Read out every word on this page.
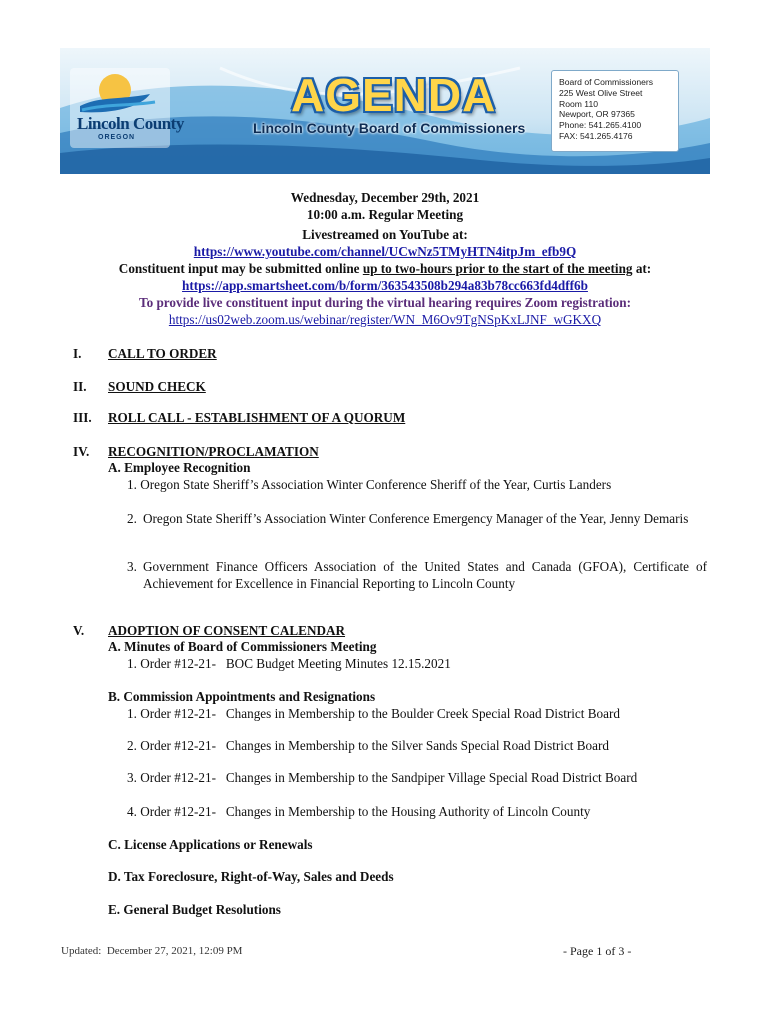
Lincoln County
OREGON
AGENDA
Lincoln County Board of Commissioners
Board of Commissioners
225 West Olive Street
Room 110
Newport, OR 97365
Phone: 541.265.4100
FAX: 541.265.4176
Wednesday, December 29th, 2021
10:00 a.m. Regular Meeting
Livestreamed on YouTube at:
https://www.youtube.com/channel/UCwNz5TMyHTN4itpJm_efb9Q
Constituent input may be submitted online up to two-hours prior to the start of the meeting at:
https://app.smartsheet.com/b/form/363543508b294a83b78cc663fd4dff6b
To provide live constituent input during the virtual hearing requires Zoom registration:
https://us02web.zoom.us/webinar/register/WN_M6Ov9TgNSpKxLJNF_wGKXQ
I. CALL TO ORDER
II. SOUND CHECK
III. ROLL CALL - ESTABLISHMENT OF A QUORUM
IV. RECOGNITION/PROCLAMATION
A. Employee Recognition
1. Oregon State Sheriff’s Association Winter Conference Sheriff of the Year, Curtis Landers
2. Oregon State Sheriff’s Association Winter Conference Emergency Manager of the Year, Jenny Demaris
3. Government Finance Officers Association of the United States and Canada (GFOA), Certificate of Achievement for Excellence in Financial Reporting to Lincoln County
V. ADOPTION OF CONSENT CALENDAR
A. Minutes of Board of Commissioners Meeting
1. Order #12-21-   BOC Budget Meeting Minutes 12.15.2021
B. Commission Appointments and Resignations
1. Order #12-21-   Changes in Membership to the Boulder Creek Special Road District Board
2. Order #12-21-   Changes in Membership to the Silver Sands Special Road District Board
3. Order #12-21-   Changes in Membership to the Sandpiper Village Special Road District Board
4. Order #12-21-   Changes in Membership to the Housing Authority of Lincoln County
C. License Applications or Renewals
D. Tax Foreclosure, Right-of-Way, Sales and Deeds
E. General Budget Resolutions
Updated:  December 27, 2021, 12:09 PM	- Page 1 of 3 -
